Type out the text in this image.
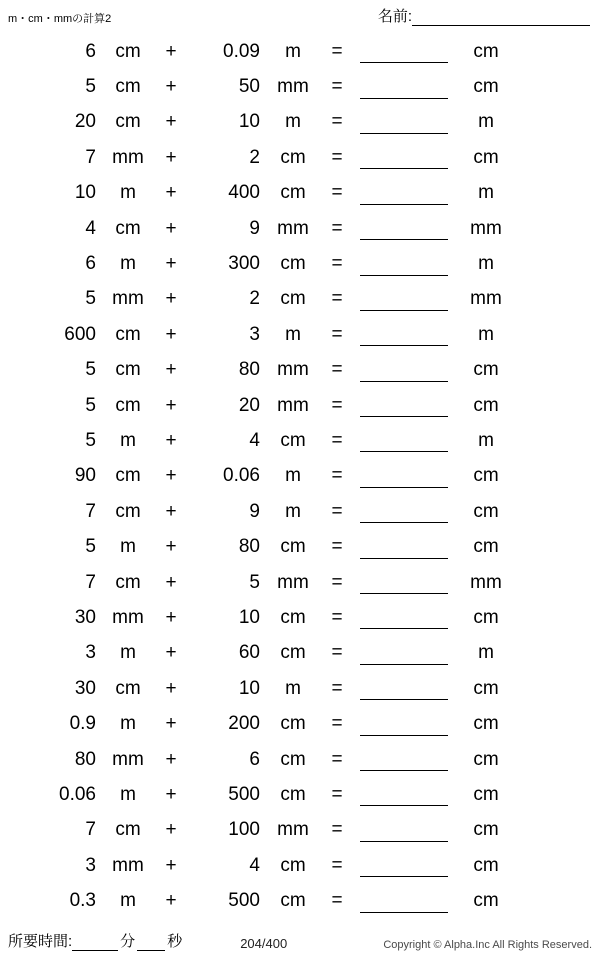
m・cm・mmの計算2	名前:
6	cm	+	0.09	m	=	cm
5	cm	+	50 mm	=	cm
20	cm	+	10	m	=	m
7 mm	+	2	cm	=	cm
10	m	+	400	cm	=	m
4	cm	+	9 mm	=	mm
6	m	+	300	cm	=	m
5 mm	+	2	cm	=	mm
600	cm	+	3	m	=	m
5	cm	+	80 mm	=	cm
5	cm	+	20 mm	=	cm
5	m	+	4	cm	=	m
90	cm	+	0.06	m	=	cm
7	cm	+	9	m	=	cm
5	m	+	80	cm	=	cm
7	cm	+	5 mm	=	mm
30 mm	+	10	cm	=	cm
3	m	+	60	cm	=	m
30	cm	+	10	m	=	cm
0.9	m	+	200	cm	=	cm
80 mm	+	6	cm	=	cm
0.06	m	+	500	cm	=	cm
7	cm	+	100 mm	=	cm
3 mm	+	4	cm	=	cm
0.3	m	+	500	cm	=	cm
所要時間:	分 秒	204/400	Copyright © Alpha.Inc All Rights Reserved.
